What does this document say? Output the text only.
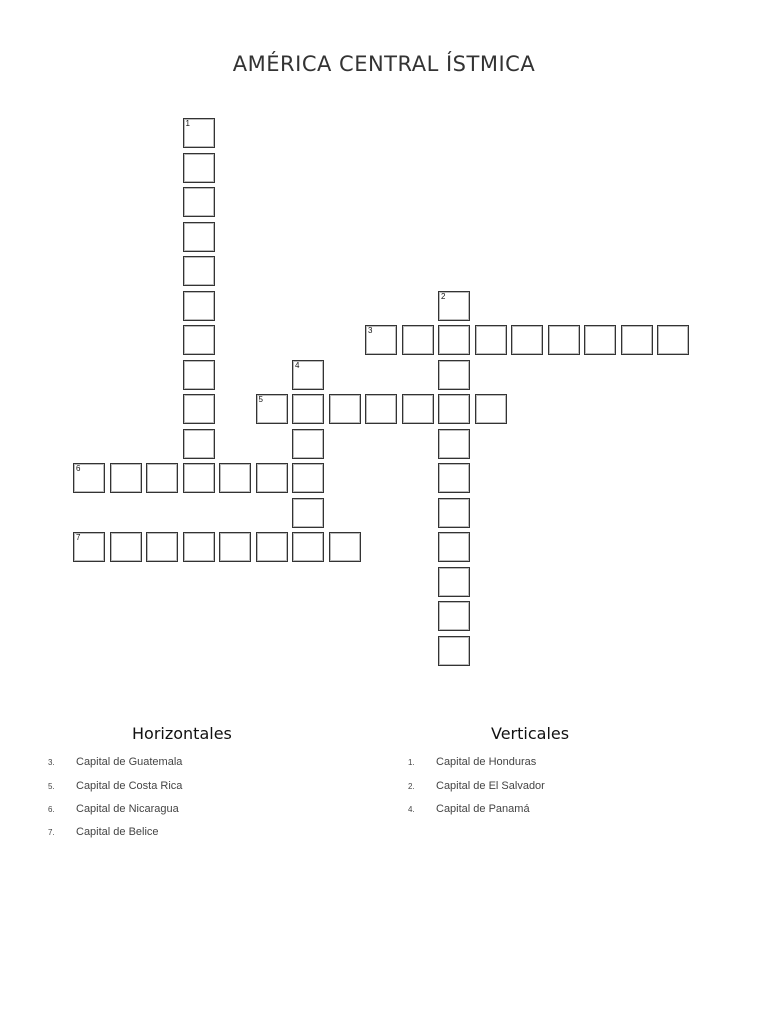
AMÉRICA CENTRAL ÍSTMICA
1
2
3
4
5
6
7
Horizontales	Verticales
3. Capital de Guatemala
5. Capital de Costa Rica
6. Capital de Nicaragua
7. Capital de Belice
1. Capital de Honduras
2. Capital de El Salvador
4. Capital de Panamá
